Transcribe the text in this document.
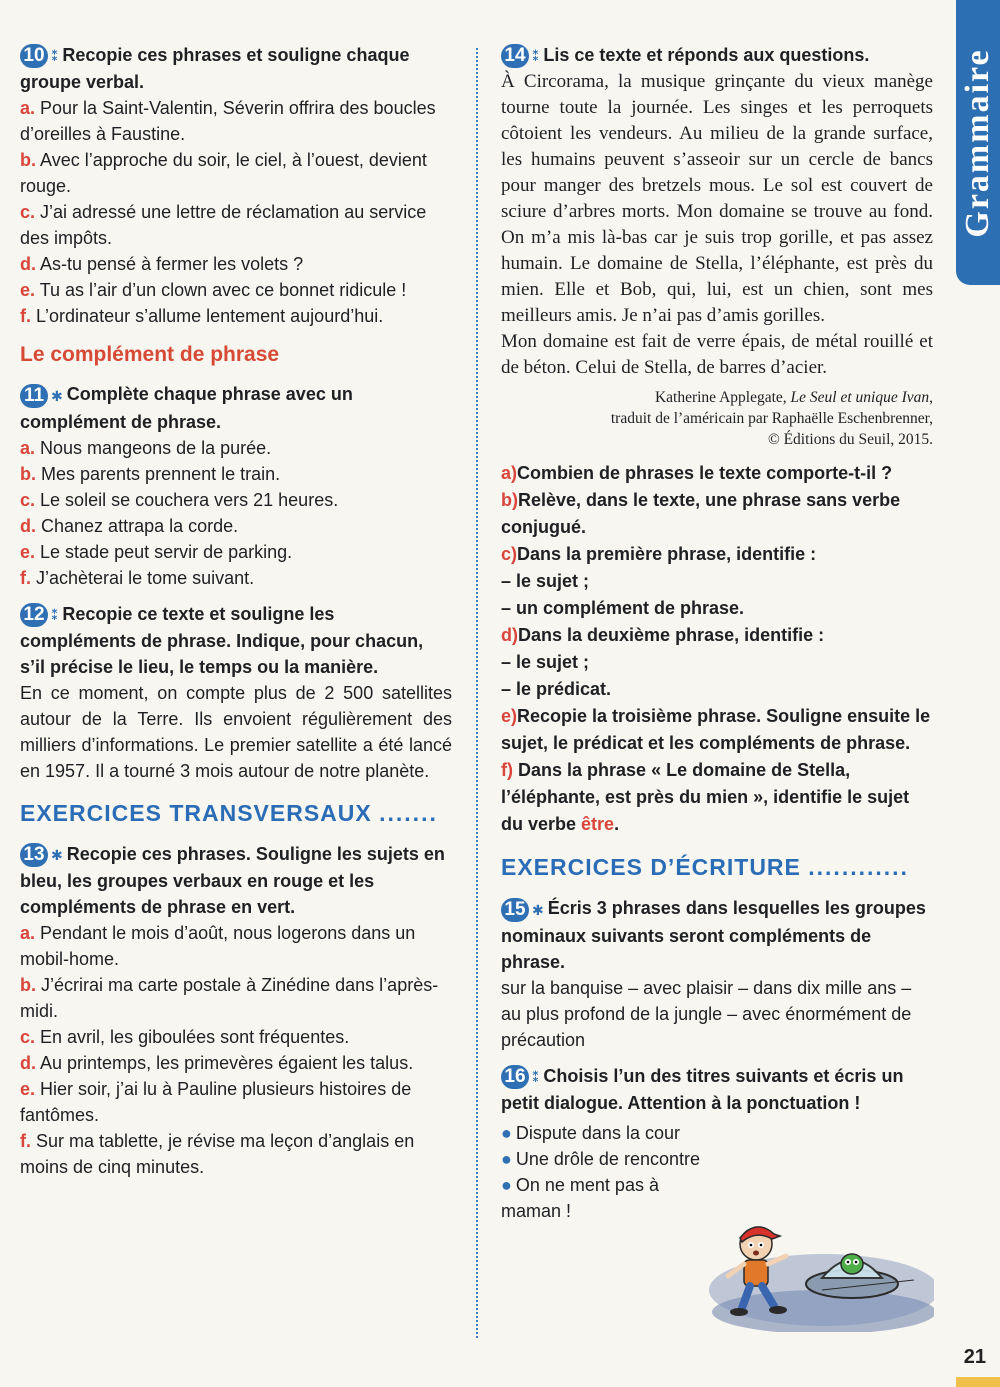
Grammaire
10 ⁑ Recopie ces phrases et souligne chaque groupe verbal.
a. Pour la Saint-Valentin, Séverin offrira des boucles d’oreilles à Faustine.
b. Avec l’approche du soir, le ciel, à l’ouest, devient rouge.
c. J’ai adressé une lettre de réclamation au service des impôts.
d. As-tu pensé à fermer les volets ?
e. Tu as l’air d’un clown avec ce bonnet ridicule !
f. L’ordinateur s’allume lentement aujourd’hui.
Le complément de phrase
11 ✱ Complète chaque phrase avec un complément de phrase.
a. Nous mangeons de la purée.
b. Mes parents prennent le train.
c. Le soleil se couchera vers 21 heures.
d. Chanez attrapa la corde.
e. Le stade peut servir de parking.
f. J’achèterai le tome suivant.
12 ⁑ Recopie ce texte et souligne les compléments de phrase. Indique, pour chacun, s’il précise le lieu, le temps ou la manière.
En ce moment, on compte plus de 2 500 satellites autour de la Terre. Ils envoient régulièrement des milliers d’informations. Le premier satellite a été lancé en 1957. Il a tourné 3 mois autour de notre planète.
EXERCICES TRANSVERSAUX .......
13 ✱ Recopie ces phrases. Souligne les sujets en bleu, les groupes verbaux en rouge et les compléments de phrase en vert.
a. Pendant le mois d’août, nous logerons dans un mobil-home.
b. J’écrirai ma carte postale à Zinédine dans l’après-midi.
c. En avril, les giboulées sont fréquentes.
d. Au printemps, les primevères égaient les talus.
e. Hier soir, j’ai lu à Pauline plusieurs histoires de fantômes.
f. Sur ma tablette, je révise ma leçon d’anglais en moins de cinq minutes.
14 ⁑ Lis ce texte et réponds aux questions.
À Circorama, la musique grinçante du vieux manège tourne toute la journée. Les singes et les perroquets côtoient les vendeurs. Au milieu de la grande surface, les humains peuvent s’asseoir sur un cercle de bancs pour manger des bretzels mous. Le sol est couvert de sciure d’arbres morts. Mon domaine se trouve au fond. On m’a mis là-bas car je suis trop gorille, et pas assez humain. Le domaine de Stella, l’éléphante, est près du mien. Elle et Bob, qui, lui, est un chien, sont mes meilleurs amis. Je n’ai pas d’amis gorilles.
Mon domaine est fait de verre épais, de métal rouillé et de béton. Celui de Stella, de barres d’acier.
Katherine Applegate, Le Seul et unique Ivan,
traduit de l’américain par Raphaëlle Eschenbrenner,
© Éditions du Seuil, 2015.
a)Combien de phrases le texte comporte-t-il ?
b)Relève, dans le texte, une phrase sans verbe conjugué.
c)Dans la première phrase, identifie :
– le sujet ;
– un complément de phrase.
d)Dans la deuxième phrase, identifie :
– le sujet ;
– le prédicat.
e)Recopie la troisième phrase. Souligne ensuite le sujet, le prédicat et les compléments de phrase.
f) Dans la phrase « Le domaine de Stella, l’éléphante, est près du mien », identifie le sujet du verbe être.
EXERCICES D’ÉCRITURE ............
15 ✱ Écris 3 phrases dans lesquelles les groupes nominaux suivants seront compléments de phrase.
sur la banquise – avec plaisir – dans dix mille ans – au plus profond de la jungle – avec énormément de précaution
16 ⁑ Choisis l’un des titres suivants et écris un petit dialogue. Attention à la ponctuation !
● Dispute dans la cour
● Une drôle de rencontre
● On ne ment pas à maman !
21
